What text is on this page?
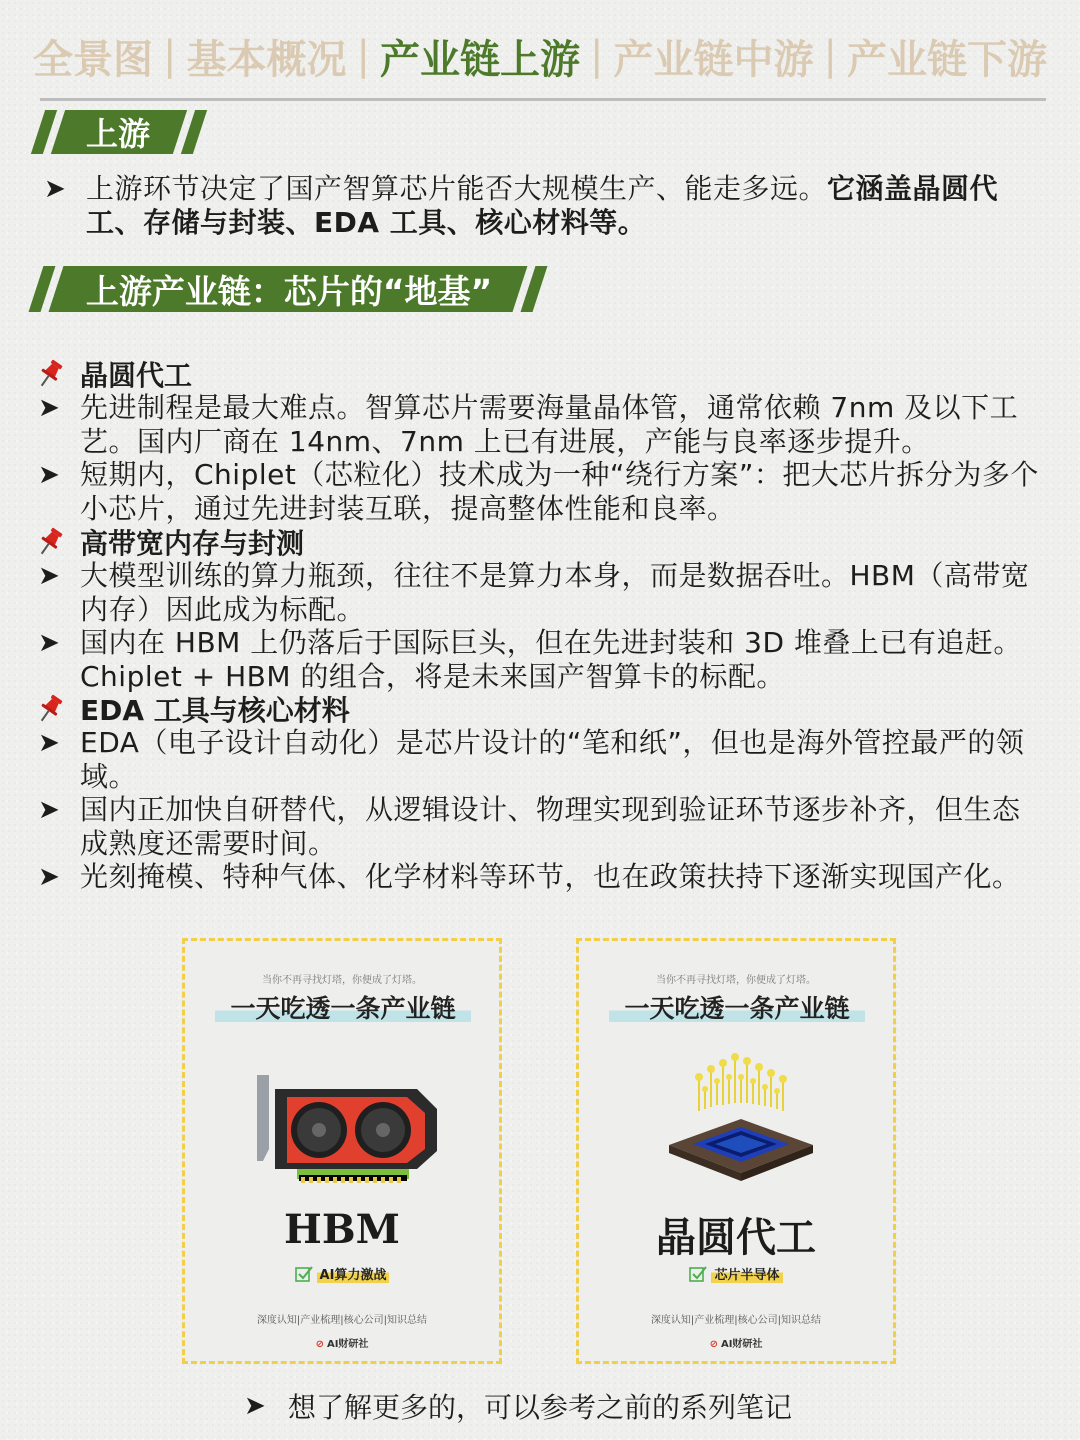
全景图 | 基本概况 | 产业链上游 | 产业链中游 | 产业链下游
上游
➤ 上游环节决定了国产智算芯片能否大规模生产、能走多远。它涵盖晶圆代工、存储与封装、EDA 工具、核心材料等。
上游产业链：芯片的“地基”
晶圆代工
➤ 先进制程是最大难点。智算芯片需要海量晶体管，通常依赖 7nm 及以下工艺。国内厂商在 14nm、7nm 上已有进展，产能与良率逐步提升。
➤ 短期内，Chiplet（芯粒化）技术成为一种“绕行方案”：把大芯片拆分为多个小芯片，通过先进封装互联，提高整体性能和良率。
高带宽内存与封测
➤ 大模型训练的算力瓶颈，往往不是算力本身，而是数据吞吐。HBM（高带宽内存）因此成为标配。
➤ 国内在 HBM 上仍落后于国际巨头，但在先进封装和 3D 堆叠上已有追赶。Chiplet + HBM 的组合，将是未来国产智算卡的标配。
EDA 工具与核心材料
➤ EDA（电子设计自动化）是芯片设计的“笔和纸”，但也是海外管控最严的领域。
➤ 国内正加快自研替代，从逻辑设计、物理实现到验证环节逐步补齐，但生态成熟度还需要时间。
➤ 光刻掩模、特种气体、化学材料等环节，也在政策扶持下逐渐实现国产化。
当你不再寻找灯塔，你便成了灯塔。
一天吃透一条产业链
HBM
AI算力激战
深度认知|产业梳理|核心公司|知识总结
⊘ AI财研社
当你不再寻找灯塔，你便成了灯塔。
一天吃透一条产业链
晶圆代工
芯片半导体
深度认知|产业梳理|核心公司|知识总结
⊘ AI财研社
➤ 想了解更多的，可以参考之前的系列笔记
